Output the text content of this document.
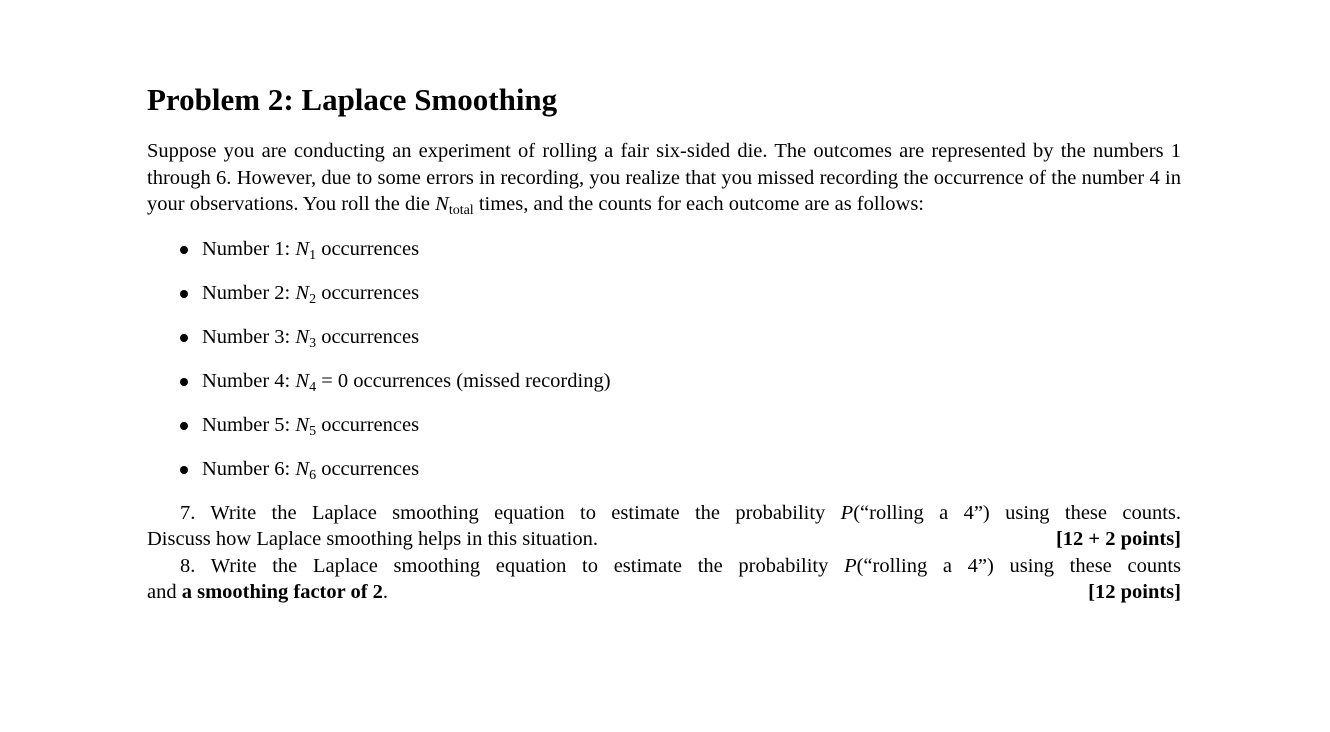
Problem 2: Laplace Smoothing

Suppose you are conducting an experiment of rolling a fair six-sided die. The outcomes are represented by the numbers 1 through 6. However, due to some errors in recording, you realize that you missed recording the occurrence of the number 4 in your observations. You roll the die $N_{total}$ times, and the counts for each outcome are as follows:

Number 1: $N_1$ occurrences
Number 2: $N_2$ occurrences
Number 3: $N_3$ occurrences
Number 4: $N_4 = 0$ occurrences (missed recording)
Number 5: $N_5$ occurrences
Number 6: $N_6$ occurrences
7. Write the Laplace smoothing equation to estimate the probability P(“rolling a 4”) using these counts.
Discuss how Laplace smoothing helps in this situation.	[12 + 2 points]
8. Write the Laplace smoothing equation to estimate the probability P(“rolling a 4”) using these counts
and a smoothing factor of 2.	[12 points]
